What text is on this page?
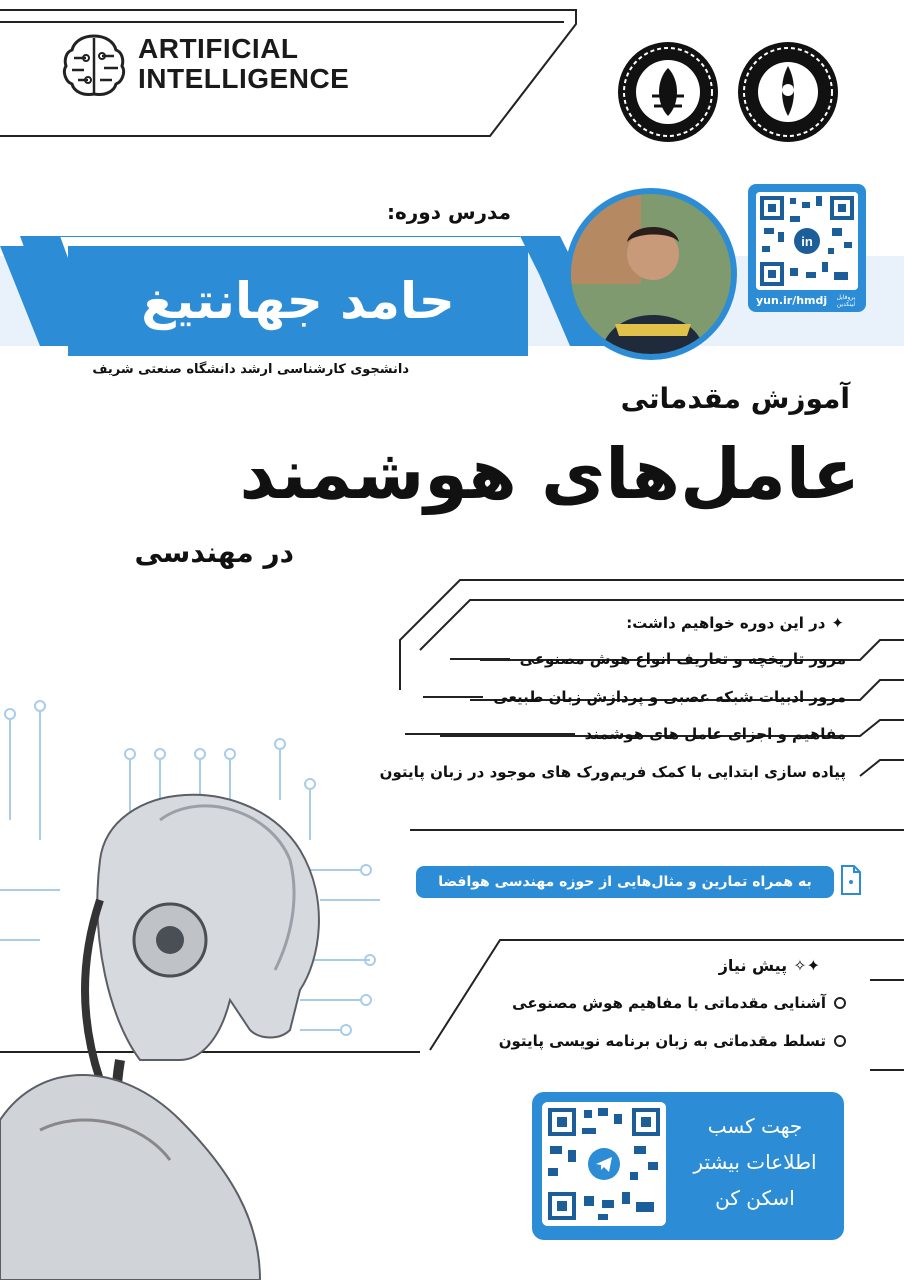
ARTIFICIAL
INTELLIGENCE
مدرس دوره:
حامد جهانتیغ
دانشجوی کارشناسی ارشد دانشگاه صنعتی شریف
in
yun.ir/hmdj	پروفایل لینکدین
آموزش مقدماتی
عامل‌های هوشمند
در مهندسی
✦
در این دوره خواهیم داشت:
مرور تاریخچه و تعاریف انواع هوش مصنوعی
مرور ادبیات شبکه عصبی و پردازش زبان طبیعی
مفاهیم و اجزای عامل های هوشمند
پیاده سازی ابتدایی با کمک فریم‌ورک های موجود در زبان پایتون
به همراه تمارین و مثال‌هایی از حوزه مهندسی هوافضا
✦✧
پیش نیاز
آشنایی مقدماتی با مفاهیم هوش مصنوعی
تسلط مقدماتی به زبان برنامه نویسی پایتون
جهت کسب
اطلاعات بیشتر
اسکن کن
